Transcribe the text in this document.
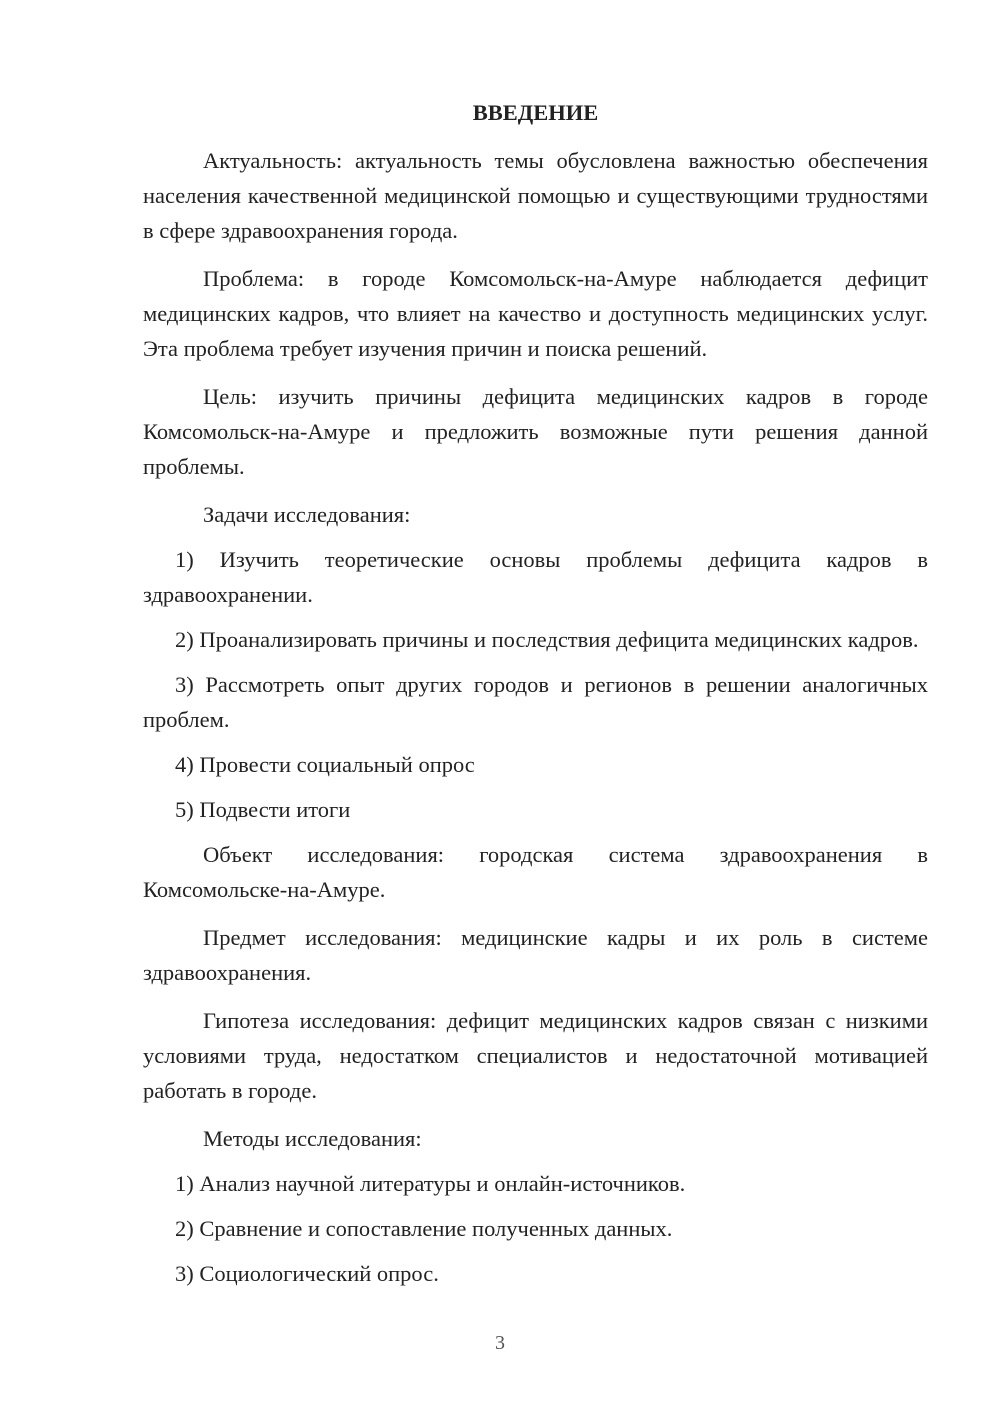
ВВЕДЕНИЕ
Актуальность: актуальность темы обусловлена важностью обеспечения населения качественной медицинской помощью и существующими трудностями в сфере здравоохранения города.
Проблема: в городе Комсомольск-на-Амуре наблюдается дефицит медицинских кадров, что влияет на качество и доступность медицинских услуг. Эта проблема требует изучения причин и поиска решений.
Цель: изучить причины дефицита медицинских кадров в городе Комсомольск-на-Амуре и предложить возможные пути решения данной проблемы.
Задачи исследования:
1) Изучить теоретические основы проблемы дефицита кадров в здравоохранении.
2) Проанализировать причины и последствия дефицита медицинских кадров.
3) Рассмотреть опыт других городов и регионов в решении аналогичных проблем.
4) Провести социальный опрос
5) Подвести итоги
Объект исследования: городская система здравоохранения в Комсомольске-на-Амуре.
Предмет исследования: медицинские кадры и их роль в системе здравоохранения.
Гипотеза исследования: дефицит медицинских кадров связан с низкими условиями труда, недостатком специалистов и недостаточной мотивацией работать в городе.
Методы исследования:
1) Анализ научной литературы и онлайн-источников.
2) Сравнение и сопоставление полученных данных.
3) Социологический опрос.
3
